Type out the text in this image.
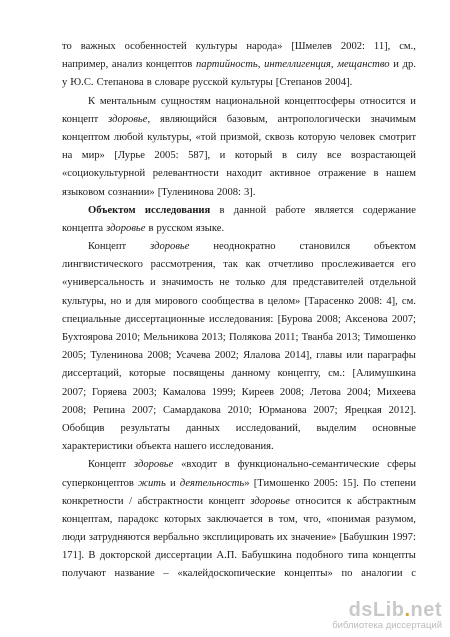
то важных особенностей культуры народа» [Шмелев 2002: 11], см.,
например, анализ концептов партийность, интеллигенция, мещанство и др.
у Ю.С. Степанова в словаре русской культуры [Степанов 2004].
К ментальным сущностям национальной концептосферы относится и
концепт здоровье, являющийся базовым, антропологически значимым
концептом любой культуры, «той призмой, сквозь которую человек смотрит
на мир» [Лурье 2005: 587], и который в силу все возрастающей
«социокультурной релевантности находит активное отражение в нашем
языковом сознании» [Туленинова 2008: 3].
Объектом исследования в данной работе является содержание
концепта здоровье в русском языке.
Концепт здоровье неоднократно становился объектом
лингвистического рассмотрения, так как отчетливо прослеживается его
«универсальность и значимость не только для представителей отдельной
культуры, но и для мирового сообщества в целом» [Тарасенко 2008: 4], см.
специальные диссертационные исследования: [Бурова 2008; Аксенова 2007;
Бухтоярова 2010; Мельникова 2013; Полякова 2011; Тванба 2013; Тимошенко
2005; Туленинова 2008; Усачева 2002; Ялалова 2014], главы или параграфы
диссертаций, которые посвящены данному концепту, см.: [Алимушкина
2007; Горяева 2003; Камалова 1999; Киреев 2008; Летова 2004; Михеева
2008; Репина 2007; Самардакова 2010; Юрманова 2007; Ярецкая 2012].
Обобщив результаты данных исследований, выделим основные
характеристики объекта нашего исследования.
Концепт здоровье «входит в функционально-семантические сферы
суперконцептов жить и деятельность» [Тимошенко 2005: 15]. По степени
конкретности / абстрактности концепт здоровье относится к абстрактным
концептам, парадокс которых заключается в том, что, «понимая разумом,
люди затрудняются вербально эксплицировать их значение» [Бабушкин 1997:
171]. В докторской диссертации А.П. Бабушкина подобного типа концепты
получают название – «калейдоскопические концепты» по аналогии с
dsLib.net
библиотека диссертаций
